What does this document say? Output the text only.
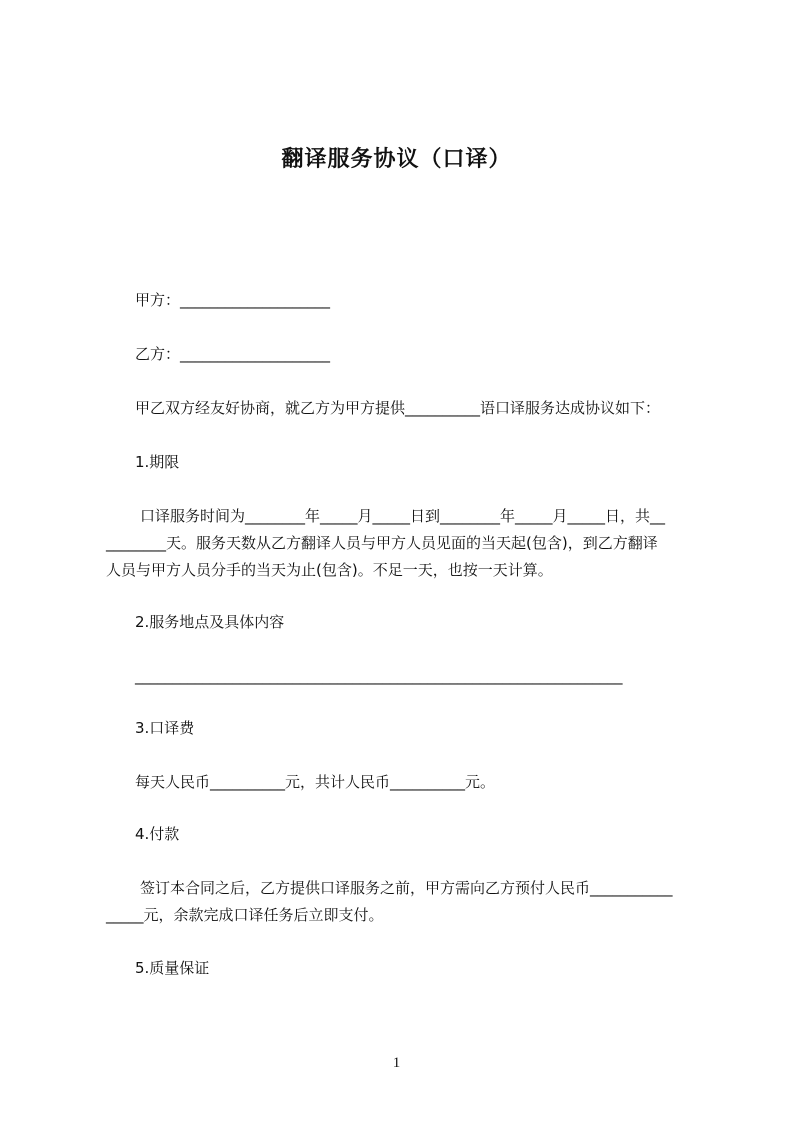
翻译服务协议（口译）
甲方：____________________
乙方：____________________
甲乙双方经友好协商，就乙方为甲方提供__________语口译服务达成协议如下：
1.期限
口译服务时间为________年_____月_____日到________年_____月_____日，共__
________天。服务天数从乙方翻译人员与甲方人员见面的当天起(包含)，到乙方翻译
人员与甲方人员分手的当天为止(包含)。不足一天，也按一天计算。
2.服务地点及具体内容
_________________________________________________________________
3.口译费
每天人民币__________元，共计人民币__________元。
4.付款
签订本合同之后，乙方提供口译服务之前，甲方需向乙方预付人民币___________
_____元，余款完成口译任务后立即支付。
5.质量保证
1
